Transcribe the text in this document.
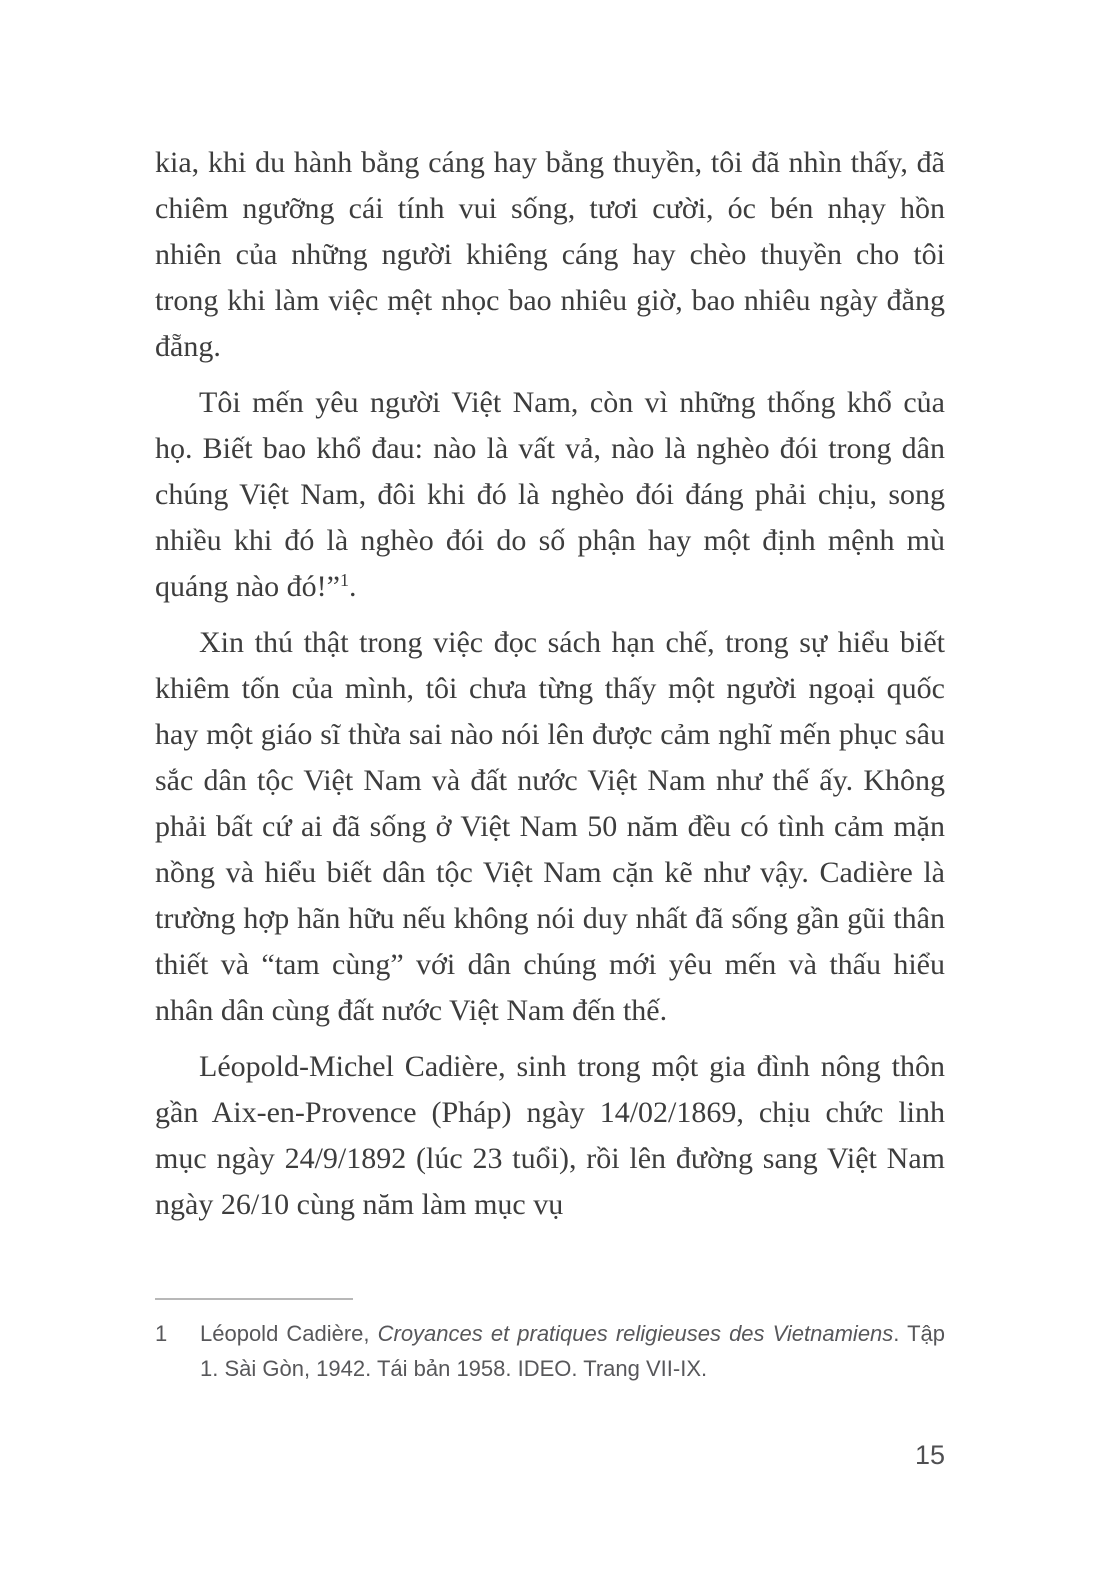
kia, khi du hành bằng cáng hay bằng thuyền, tôi đã nhìn thấy, đã chiêm ngưỡng cái tính vui sống, tươi cười, óc bén nhạy hồn nhiên của những người khiêng cáng hay chèo thuyền cho tôi trong khi làm việc mệt nhọc bao nhiêu giờ, bao nhiêu ngày đằng đẵng.

Tôi mến yêu người Việt Nam, còn vì những thống khổ của họ. Biết bao khổ đau: nào là vất vả, nào là nghèo đói trong dân chúng Việt Nam, đôi khi đó là nghèo đói đáng phải chịu, song nhiều khi đó là nghèo đói do số phận hay một định mệnh mù quáng nào đó!”$^1$.

Xin thú thật trong việc đọc sách hạn chế, trong sự hiểu biết khiêm tốn của mình, tôi chưa từng thấy một người ngoại quốc hay một giáo sĩ thừa sai nào nói lên được cảm nghĩ mến phục sâu sắc dân tộc Việt Nam và đất nước Việt Nam như thế ấy. Không phải bất cứ ai đã sống ở Việt Nam 50 năm đều có tình cảm mặn nồng và hiểu biết dân tộc Việt Nam cặn kẽ như vậy. Cadière là trường hợp hãn hữu nếu không nói duy nhất đã sống gần gũi thân thiết và “tam cùng” với dân chúng mới yêu mến và thấu hiểu nhân dân cùng đất nước Việt Nam đến thế.

Léopold-Michel Cadière, sinh trong một gia đình nông thôn gần Aix-en-Provence (Pháp) ngày 14/02/1869, chịu chức linh mục ngày 24/9/1892 (lúc 23 tuổi), rồi lên đường sang Việt Nam ngày 26/10 cùng năm làm mục vụ

1	Léopold Cadière, Croyances et pratiques religieuses des Vietnamiens. Tập 1. Sài Gòn, 1942. Tái bản 1958. IDEO. Trang VII-IX.
15
